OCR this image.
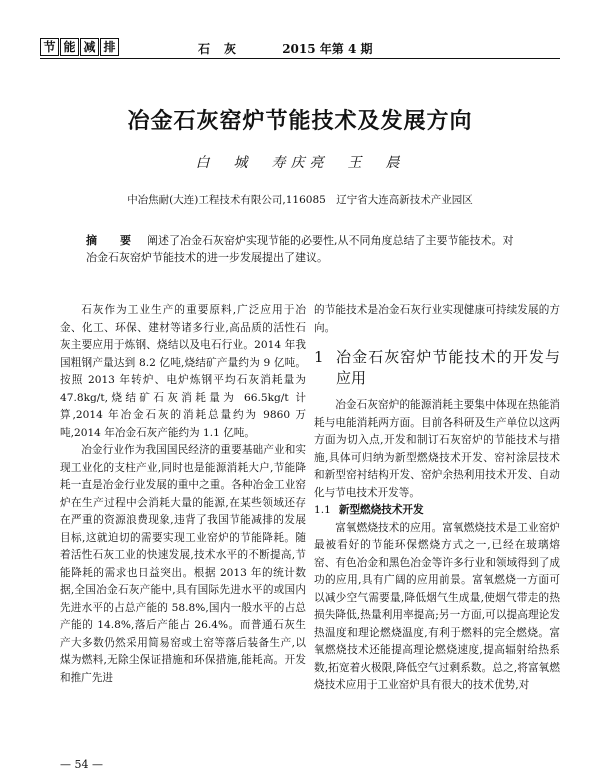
节 能 减 排	石　灰	2015 年第 4 期
冶金石灰窑炉节能技术及发展方向
白　城　寿庆亮　王　晨
中冶焦耐(大连)工程技术有限公司,116085　辽宁省大连高新技术产业园区
摘　要 阐述了冶金石灰窑炉实现节能的必要性,从不同角度总结了主要节能技术。对冶金石灰窑炉节能技术的进一步发展提出了建议。

石灰作为工业生产的重要原料,广泛应用于冶金、化工、环保、建材等诸多行业,高品质的活性石灰主要应用于炼钢、烧结以及电石行业。2014 年我国粗钢产量达到 8.2 亿吨,烧结矿产量约为 9 亿吨。按照 2013 年转炉、电炉炼钢平均石灰消耗量为 47.8kg/t,烧结矿石灰消耗量为 66.5kg/t 计算,2014 年冶金石灰的消耗总量约为 9860 万吨,2014 年冶金石灰产能约为 1.1 亿吨。

冶金行业作为我国国民经济的重要基础产业和实现工业化的支柱产业,同时也是能源消耗大户,节能降耗一直是冶金行业发展的重中之重。各种冶金工业窑炉在生产过程中会消耗大量的能源,在某些领域还存在严重的资源浪费现象,违背了我国节能减排的发展目标,这就迫切的需要实现工业窑炉的节能降耗。随着活性石灰工业的快速发展,技术水平的不断提高,节能降耗的需求也日益突出。根据 2013 年的统计数据,全国冶金石灰产能中,具有国际先进水平的或国内先进水平的占总产能的 58.8%,国内一般水平的占总产能的 14.8%,落后产能占 26.4%。而普通石灰生产大多数仍然采用简易窑或土窑等落后装备生产,以煤为燃料,无除尘保证措施和环保措施,能耗高。开发和推广先进

的节能技术是冶金石灰行业实现健康可持续发展的方向。

1 冶金石灰窑炉节能技术的开发与应用

冶金石灰窑炉的能源消耗主要集中体现在热能消耗与电能消耗两方面。目前各科研及生产单位以这两方面为切入点,开发和制订石灰窑炉的节能技术与措施,具体可归纳为新型燃烧技术开发、窑衬涂层技术和新型窑衬结构开发、窑炉余热利用技术开发、自动化与节电技术开发等。

1.1 新型燃烧技术开发

富氧燃烧技术的应用。富氧燃烧技术是工业窑炉最被看好的节能环保燃烧方式之一,已经在玻璃熔窑、有色冶金和黑色冶金等许多行业和领域得到了成功的应用,具有广阔的应用前景。富氧燃烧一方面可以减少空气需要量,降低烟气生成量,使烟气带走的热损失降低,热量利用率提高;另一方面,可以提高理论发热温度和理论燃烧温度,有利于燃料的完全燃烧。富氧燃烧技术还能提高理论燃烧速度,提高辐射给热系数,拓宽着火极限,降低空气过剩系数。总之,将富氧燃烧技术应用于工业窑炉具有很大的技术优势,对

— 54 —
